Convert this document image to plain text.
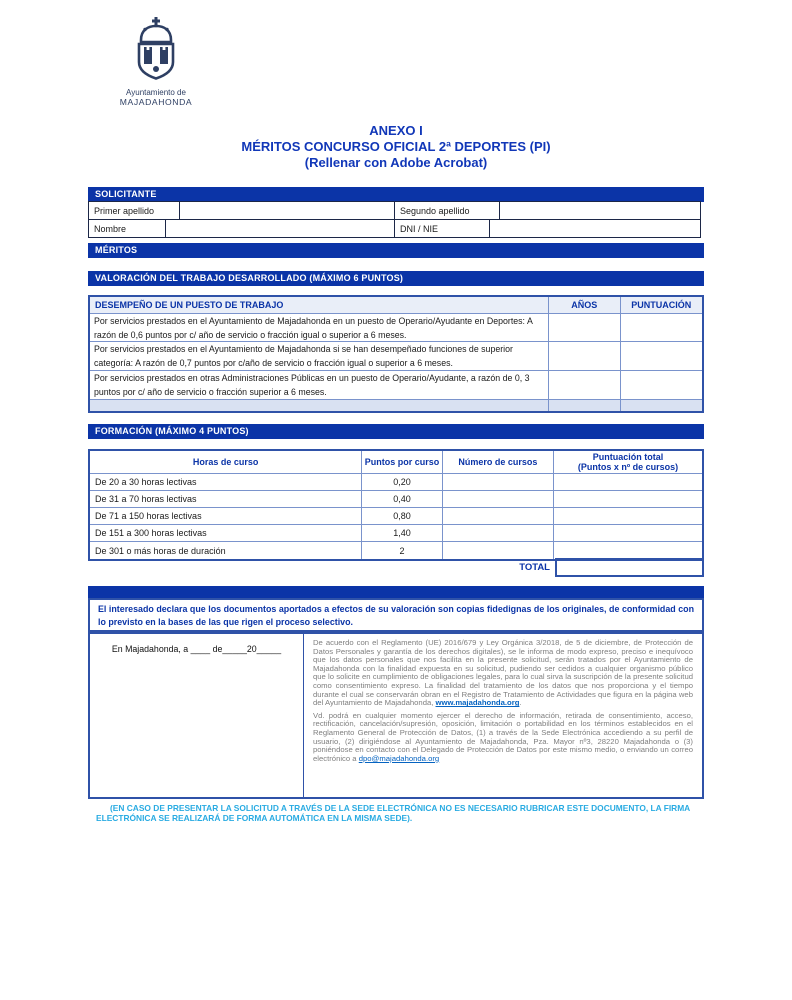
Ayuntamiento de
MAJADAHONDA
ANEXO I
MÉRITOS CONCURSO OFICIAL 2ª DEPORTES (PI)
(Rellenar con Adobe Acrobat)
SOLICITANTE
Primer apellido	Segundo apellido
Nombre	DNI / NIE
MÉRITOS
VALORACIÓN DEL TRABAJO DESARROLLADO (MÁXIMO 6 PUNTOS)
DESEMPEÑO DE UN PUESTO DE TRABAJO	AÑOS	PUNTUACIÓN
Por servicios prestados en el Ayuntamiento de Majadahonda en un puesto de Operario/Ayudante en Deportes: A razón de 0,6 puntos por c/ año de servicio o fracción igual o superior a 6 meses.
Por servicios prestados en el Ayuntamiento de Majadahonda si se han desempeñado funciones de superior categoría: A razón de 0,7 puntos por c/año de servicio o fracción igual o superior a 6 meses.
Por servicios prestados en otras Administraciones Públicas en un puesto de Operario/Ayudante, a razón de 0, 3 puntos por c/ año de servicio o fracción superior a 6 meses.
FORMACIÓN (MÁXIMO 4 PUNTOS)
Horas de curso	Puntos por curso	Número de cursos	Puntuación total
(Puntos x nº de cursos)
De 20 a 30 horas lectivas	0,20
De 31 a 70 horas lectivas	0,40
De 71 a 150 horas lectivas	0,80
De 151 a 300 horas lectivas	1,40
De 301 o más horas de duración	2
TOTAL
El interesado declara que los documentos aportados a efectos de su valoración son copias fidedignas de los originales, de conformidad con lo previsto en la bases de las que rigen el proceso selectivo.
En Majadahonda, a ____ de_____20_____

De acuerdo con el Reglamento (UE) 2016/679 y Ley Orgánica 3/2018, de 5 de diciembre, de Protección de Datos Personales y garantía de los derechos digitales), se le informa de modo expreso, preciso e inequívoco que los datos personales que nos facilita en la presente solicitud, serán tratados por el Ayuntamiento de Majadahonda con la finalidad expuesta en su solicitud, pudiendo ser cedidos a cualquier organismo público que lo solicite en cumplimiento de obligaciones legales, para lo cual sirva la suscripción de la presente solicitud como consentimiento expreso. La finalidad del tratamiento de los datos que nos proporciona y el tiempo durante el cual se conservarán obran en el Registro de Tratamiento de Actividades que figura en la página web del Ayuntamiento de Majadahonda, www.majadahonda.org.

Vd. podrá en cualquier momento ejercer el derecho de información, retirada de consentimiento, acceso, rectificación, cancelación/supresión, oposición, limitación o portabilidad en los términos establecidos en el Reglamento General de Protección de Datos, (1) a través de la Sede Electrónica accediendo a su perfil de usuario, (2) dirigiéndose al Ayuntamiento de Majadahonda, Pza. Mayor nº3, 28220 Majadahonda o (3) poniéndose en contacto con el Delegado de Protección de Datos por este mismo medio, o enviando un correo electrónico a dpo@majadahonda.org

(EN CASO DE PRESENTAR LA SOLICITUD A TRAVÉS DE LA SEDE ELECTRÓNICA NO ES NECESARIO RUBRICAR ESTE DOCUMENTO, LA FIRMA ELECTRÓNICA SE REALIZARÁ DE FORMA AUTOMÁTICA EN LA MISMA SEDE).
